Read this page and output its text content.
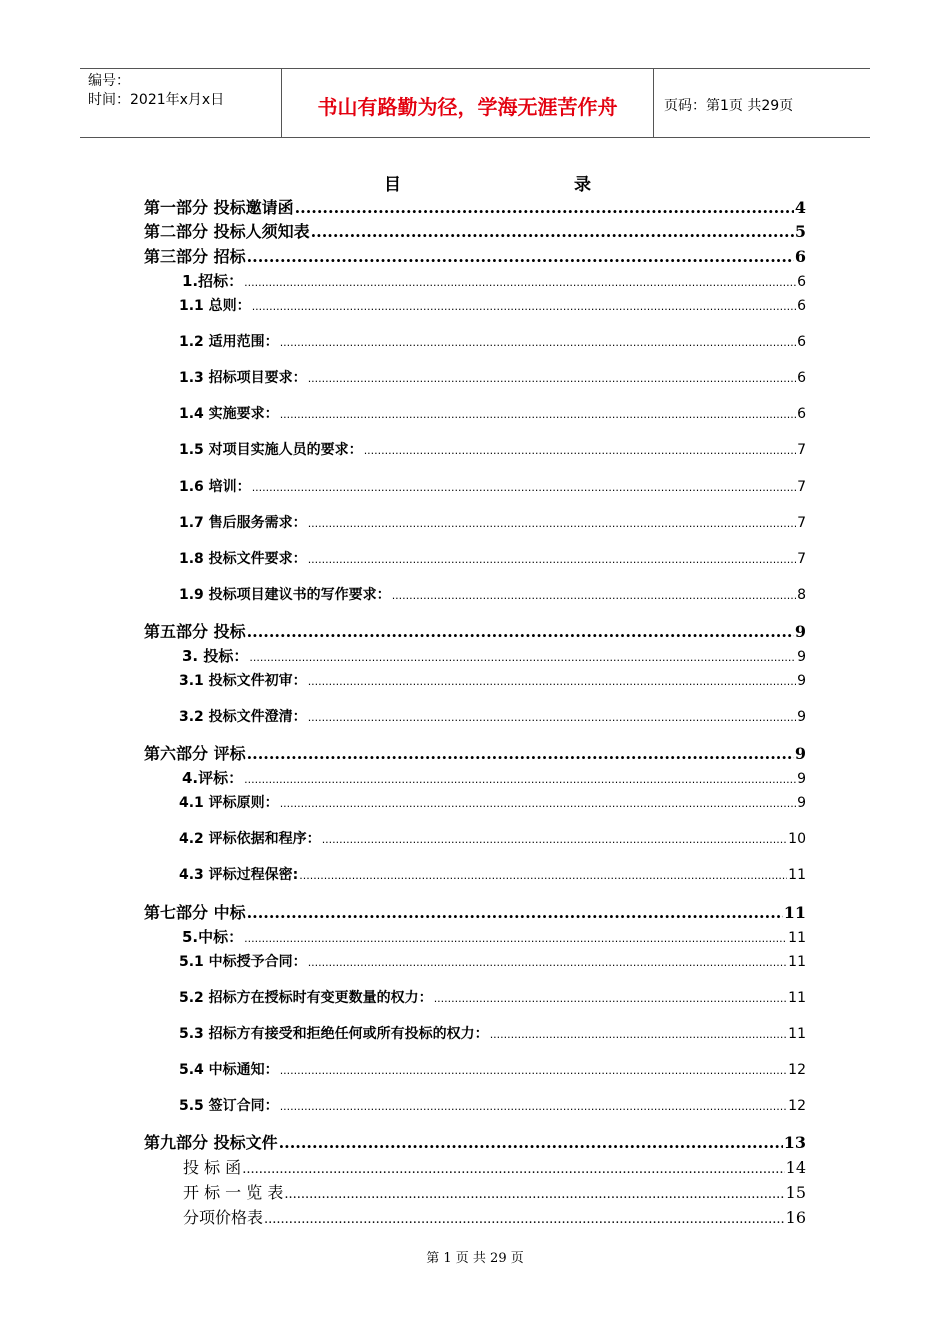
编号：
时间：2021年x月x日	书山有路勤为径，学海无涯苦作舟	页码：第1页 共29页
目	录
第一部分 投标邀请函 .....	4
第二部分 投标人须知表 .....	5
第三部分 招标 .....	6
1.招标： .....	6
1.1 总则： .....	6
1.2 适用范围： .....	6
1.3 招标项目要求： .....	6
1.4 实施要求： .....	6
1.5 对项目实施人员的要求： .....	7
1.6 培训： .....	7
1.7 售后服务需求： .....	7
1.8 投标文件要求： .....	7
1.9 投标项目建议书的写作要求： .....	8
第五部分 投标 .....	9
3. 投标： .....	9
3.1 投标文件初审： .....	9
3.2 投标文件澄清： .....	9
第六部分 评标 .....	9
4.评标： .....	9
4.1 评标原则： .....	9
4.2 评标依据和程序： .....	10
4.3 评标过程保密: .....	11
第七部分 中标 .....	11
5.中标： .....	11
5.1 中标授予合同： .....	11
5.2 招标方在授标时有变更数量的权力： .....	11
5.3 招标方有接受和拒绝任何或所有投标的权力： .....	11
5.4 中标通知： .....	12
5.5 签订合同： .....	12
第九部分 投标文件 .....	13
投 标 函 .....	14
开 标 一 览 表 .....	15
分项价格表 .....	16
第 1 页 共 29 页
